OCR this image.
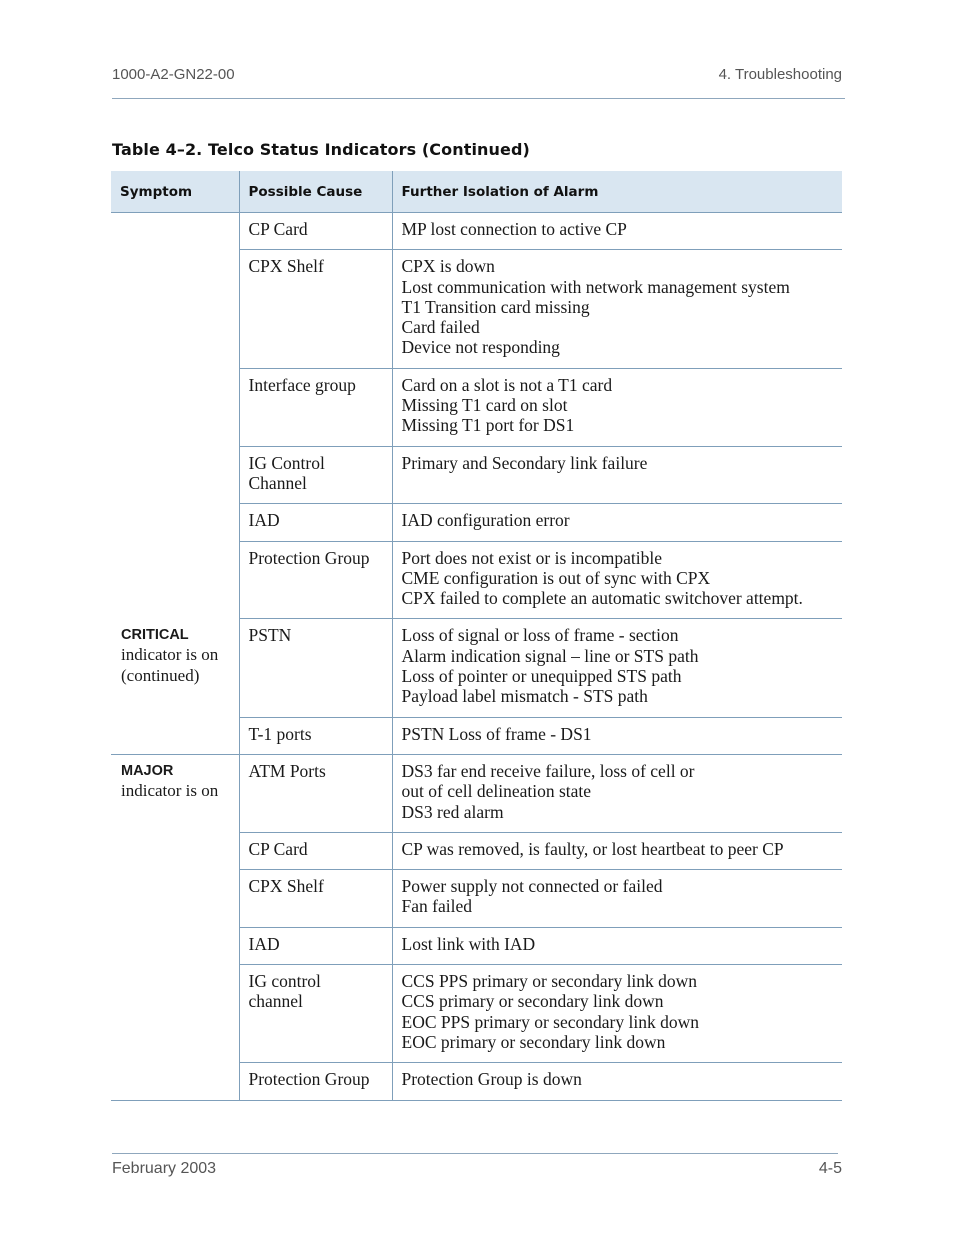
1000-A2-GN22-00	4. Troubleshooting
Table 4–2. Telco Status Indicators (Continued)
Symptom	Possible Cause	Further Isolation of Alarm

	CP Card	MP lost connection to active CP

	CPX Shelf	CPX is down
Lost communication with network management system
T1 Transition card missing
Card failed
Device not responding

	Interface group	Card on a slot is not a T1 card
Missing T1 card on slot
Missing T1 port for DS1

	IG Control
Channel	Primary and Secondary link failure

	IAD	IAD configuration error

	Protection Group	Port does not exist or is incompatible
CME configuration is out of sync with CPX
CPX failed to complete an automatic switchover attempt.

CRITICAL
indicator is on
(continued)	PSTN	Loss of signal or loss of frame - section
Alarm indication signal – line or STS path
Loss of pointer or unequipped STS path
Payload label mismatch - STS path

	T-1 ports	PSTN Loss of frame - DS1

MAJOR
indicator is on	ATM Ports	DS3 far end receive failure, loss of cell or
out of cell delineation state
DS3 red alarm

	CP Card	CP was removed, is faulty, or lost heartbeat to peer CP

	CPX Shelf	Power supply not connected or failed
Fan failed

	IAD	Lost link with IAD

	IG control
channel	CCS PPS primary or secondary link down
CCS primary or secondary link down
EOC PPS primary or secondary link down
EOC primary or secondary link down

	Protection Group	Protection Group is down
February 2003	4-5
